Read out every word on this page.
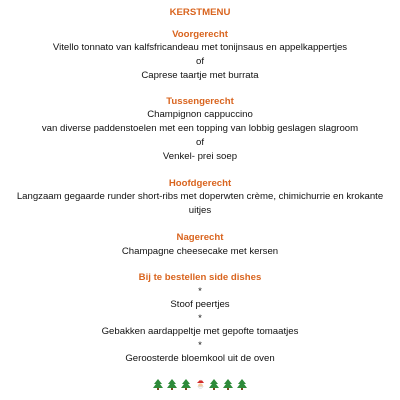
KERSTMENU
Voorgerecht
Vitello tonnato van kalfsfricandeau met tonijnsaus en appelkappertjes
of
Caprese taartje met burrata
Tussengerecht
Champignon cappuccino
van diverse paddenstoelen met een topping van lobbig geslagen slagroom
of
Venkel- prei soep
Hoofdgerecht
Langzaam gegaarde runder short-ribs met doperwten crème, chimichurrie en krokante
uitjes
Nagerecht
Champagne cheesecake met kersen
Bij te bestellen side dishes
*
Stoof peertjes
*
Gebakken aardappeltje met gepofte tomaatjes
*
Geroosterde bloemkool uit de oven
